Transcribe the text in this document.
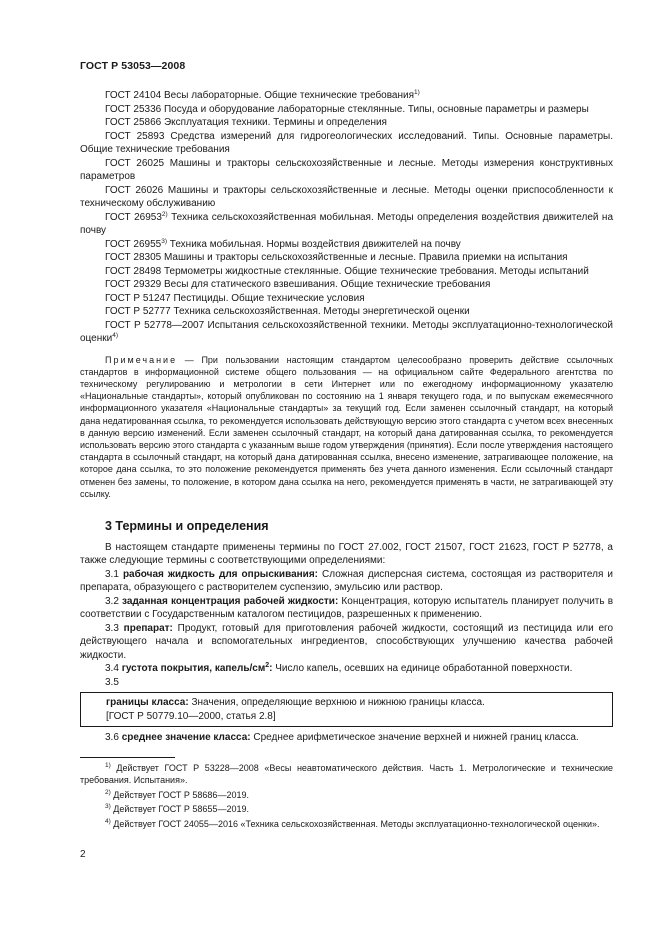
ГОСТ Р 53053—2008

ГОСТ 24104 Весы лабораторные. Общие технические требования$^{1)}$

ГОСТ 25336 Посуда и оборудование лабораторные стеклянные. Типы, основные параметры и размеры

ГОСТ 25866 Эксплуатация техники. Термины и определения

ГОСТ 25893 Средства измерений для гидрогеологических исследований. Типы. Основные параметры. Общие технические требования

ГОСТ 26025 Машины и тракторы сельскохозяйственные и лесные. Методы измерения конструктивных параметров

ГОСТ 26026 Машины и тракторы сельскохозяйственные и лесные. Методы оценки приспособленности к техническому обслуживанию

ГОСТ 26953$^{2)}$ Техника сельскохозяйственная мобильная. Методы определения воздействия движителей на почву

ГОСТ 26955$^{3)}$ Техника мобильная. Нормы воздействия движителей на почву

ГОСТ 28305 Машины и тракторы сельскохозяйственные и лесные. Правила приемки на испытания

ГОСТ 28498 Термометры жидкостные стеклянные. Общие технические требования. Методы испытаний

ГОСТ 29329 Весы для статического взвешивания. Общие технические требования

ГОСТ Р 51247 Пестициды. Общие технические условия

ГОСТ Р 52777 Техника сельскохозяйственная. Методы энергетической оценки

ГОСТ Р 52778—2007 Испытания сельскохозяйственной техники. Методы эксплуатационно-технологической оценки$^{4)}$

Примечание — При пользовании настоящим стандартом целесообразно проверить действие ссылочных стандартов в информационной системе общего пользования — на официальном сайте Федерального агентства по техническому регулированию и метрологии в сети Интернет или по ежегодному информационному указателю «Национальные стандарты», который опубликован по состоянию на 1 января текущего года, и по выпускам ежемесячного информационного указателя «Национальные стандарты» за текущий год. Если заменен ссылочный стандарт, на который дана недатированная ссылка, то рекомендуется использовать действующую версию этого стандарта с учетом всех внесенных в данную версию изменений. Если заменен ссылочный стандарт, на который дана датированная ссылка, то рекомендуется использовать версию этого стандарта с указанным выше годом утверждения (принятия). Если после утверждения настоящего стандарта в ссылочный стандарт, на который дана датированная ссылка, внесено изменение, затрагивающее положение, на которое дана ссылка, то это положение рекомендуется применять без учета данного изменения. Если ссылочный стандарт отменен без замены, то положение, в котором дана ссылка на него, рекомендуется применять в части, не затрагивающей эту ссылку.

3 Термины и определения

В настоящем стандарте применены термины по ГОСТ 27.002, ГОСТ 21507, ГОСТ 21623, ГОСТ Р 52778, а также следующие термины с соответствующими определениями:

3.1 рабочая жидкость для опрыскивания: Сложная дисперсная система, состоящая из растворителя и препарата, образующего с растворителем суспензию, эмульсию или раствор.

3.2 заданная концентрация рабочей жидкости: Концентрация, которую испытатель планирует получить в соответствии с Государственным каталогом пестицидов, разрешенных к применению.

3.3 препарат: Продукт, готовый для приготовления рабочей жидкости, состоящий из пестицида или его действующего начала и вспомогательных ингредиентов, способствующих улучшению качества рабочей жидкости.

3.4 густота покрытия, капель/$см^2$: Число капель, осевших на единице обработанной поверхности.

3.5

границы класса: Значения, определяющие верхнюю и нижнюю границы класса.

[ГОСТ Р 50779.10—2000, статья 2.8]

3.6 среднее значение класса: Среднее арифметическое значение верхней и нижней границ класса.

$^{1)}$ Действует ГОСТ Р 53228—2008 «Весы неавтоматического действия. Часть 1. Метрологические и технические требования. Испытания».

$^{2)}$ Действует ГОСТ Р 58686—2019.

$^{3)}$ Действует ГОСТ Р 58655—2019.

$^{4)}$ Действует ГОСТ 24055—2016 «Техника сельскохозяйственная. Методы эксплуатационно-технологической оценки».

2
